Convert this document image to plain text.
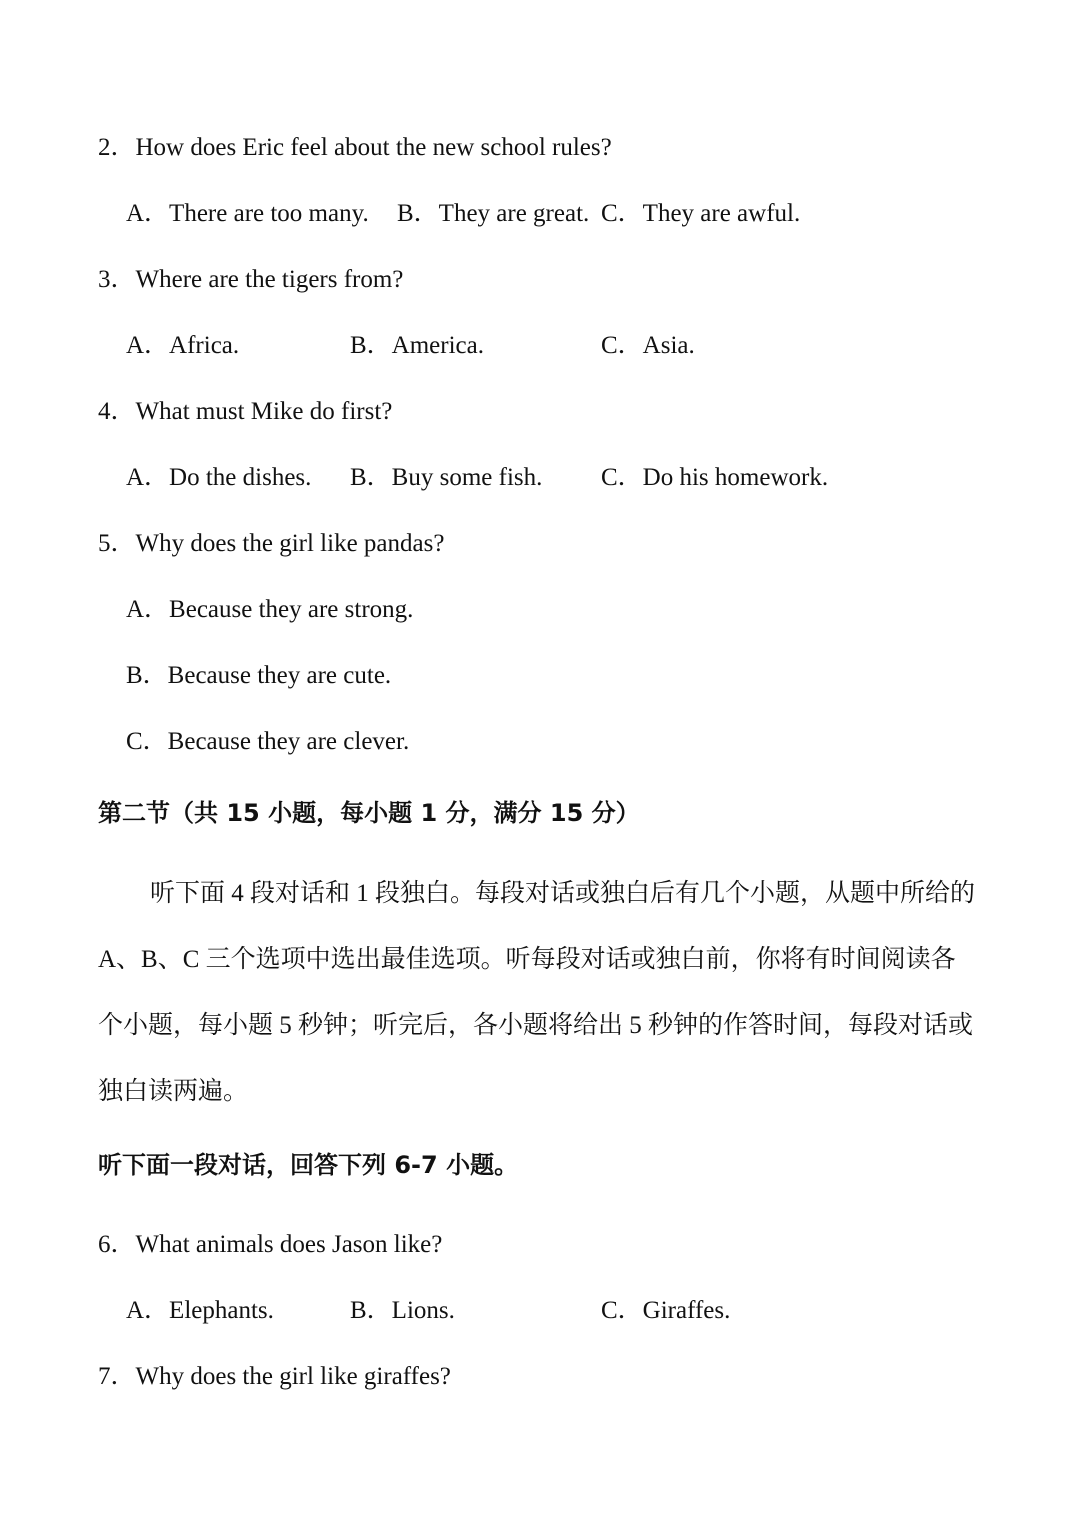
2．How does Eric feel about the new school rules?
A．There are too many. B．They are great. C．They are awful.
3．Where are the tigers from?
A．Africa.	B．America.	C．Asia.
4．What must Mike do first?
A．Do the dishes. B．Buy some fish. C．Do his homework.
5．Why does the girl like pandas?
A．Because they are strong.
B．Because they are cute.
C．Because they are clever.
第二节（共 15 小题，每小题 1 分，满分 15 分）
听下面 4 段对话和 1 段独白。每段对话或独白后有几个小题，从题中所给的
A、B、C 三个选项中选出最佳选项。听每段对话或独白前，你将有时间阅读各
个小题，每小题 5 秒钟；听完后，各小题将给出 5 秒钟的作答时间，每段对话或
独白读两遍。
听下面一段对话，回答下列 6-7 小题。
6．What animals does Jason like?
A．Elephants.	B．Lions.	C．Giraffes.
7．Why does the girl like giraffes?
